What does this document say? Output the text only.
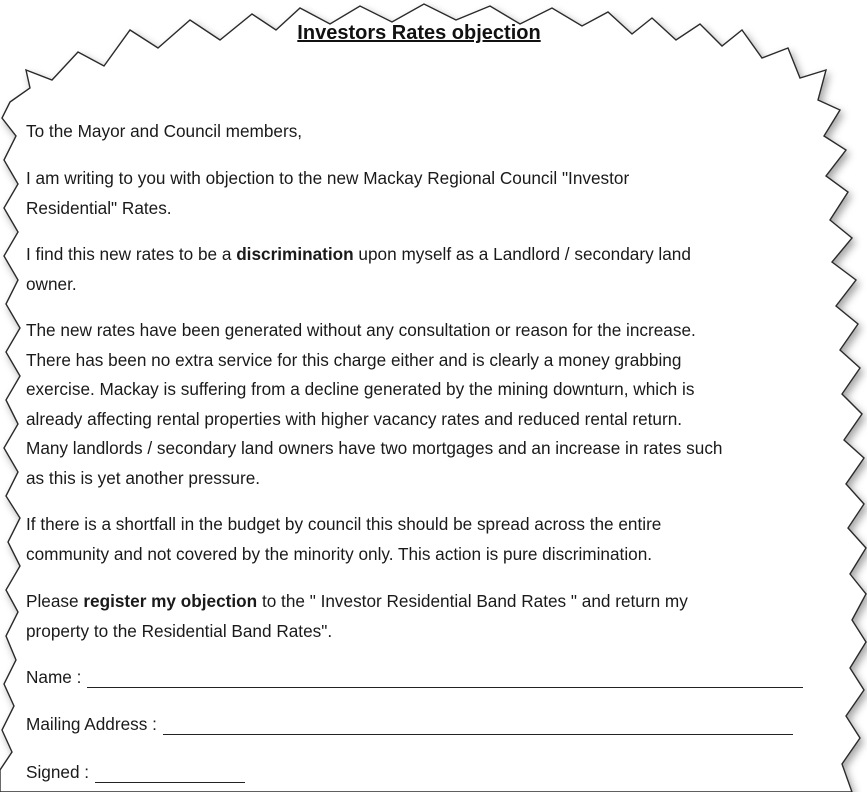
Investors Rates objection
To the Mayor and Council members,
I am writing to you with objection to the new Mackay Regional Council "Investor
Residential" Rates.
I find this new rates to be a discrimination upon myself as a Landlord / secondary land
owner.
The new rates have been generated without any consultation or reason for the increase.
There has been no extra service for this charge either and is clearly a money grabbing
exercise. Mackay is suffering from a decline generated by the mining downturn, which is
already affecting rental properties with higher vacancy rates and reduced rental return.
Many landlords / secondary land owners have two mortgages and an increase in rates such
as this is yet another pressure.
If there is a shortfall in the budget by council this should be spread across the entire
community and not covered by the minority only. This action is pure discrimination.
Please register my objection to the " Investor Residential Band Rates " and return my
property to the Residential Band Rates".
Name :
Mailing Address :
Signed :
